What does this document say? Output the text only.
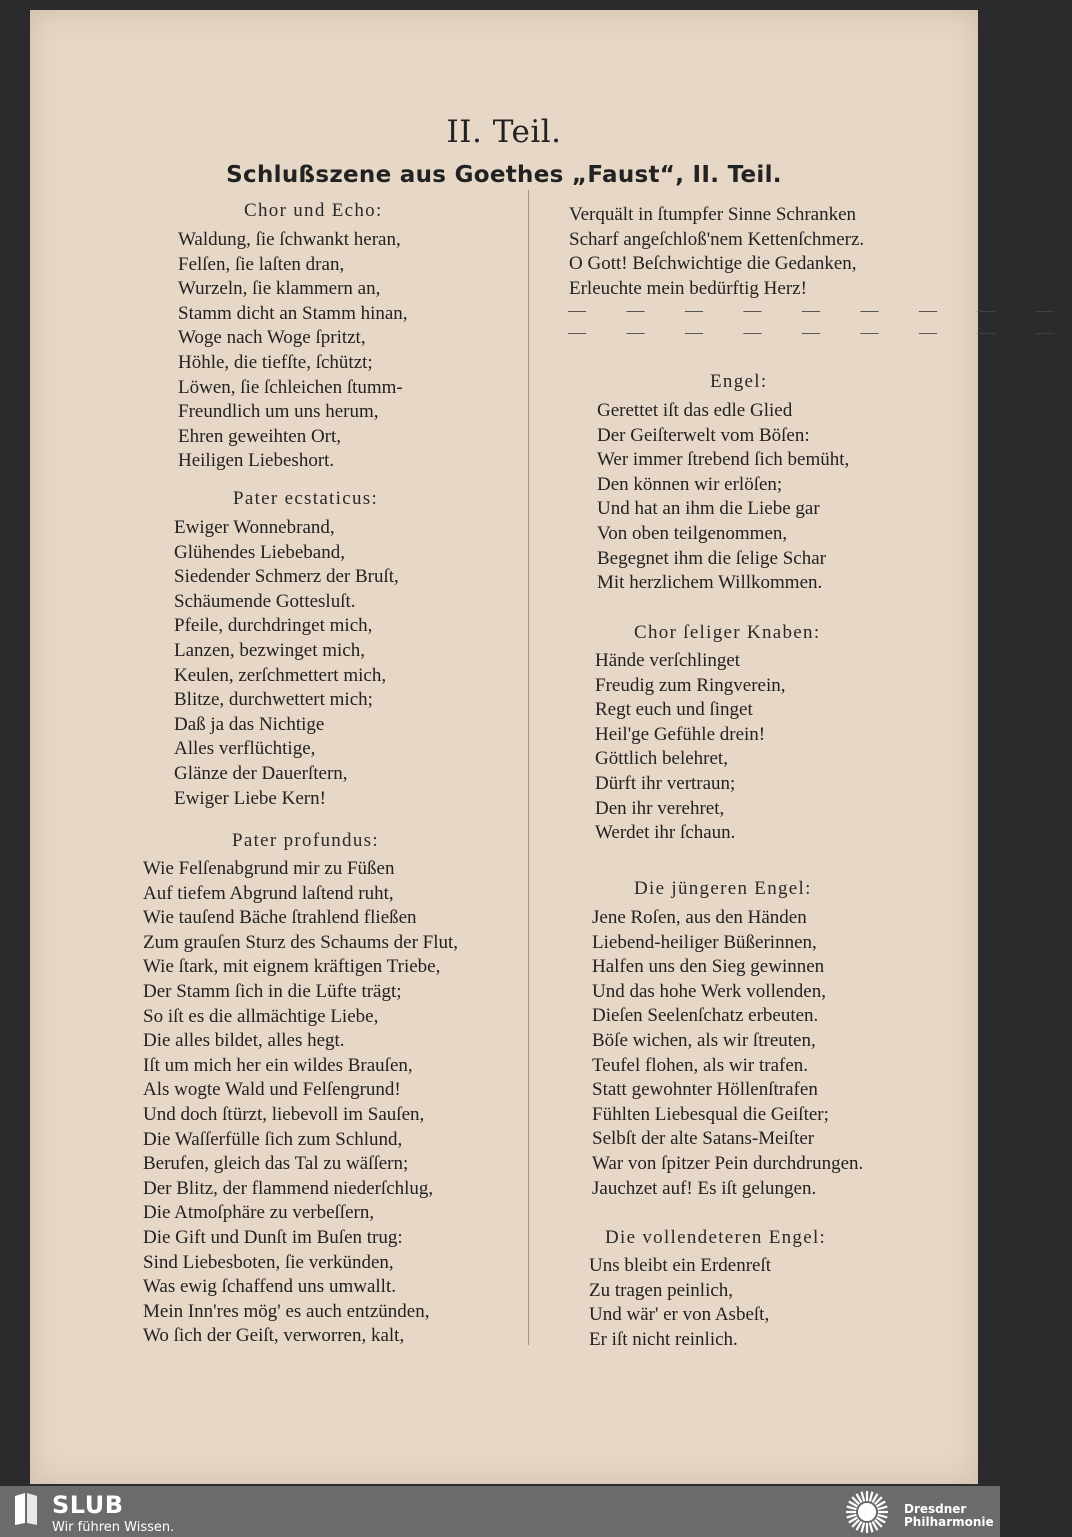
II. Teil.
Schlußszene aus Goethes „Faust“, II. Teil.
Chor und Echo:
Waldung, ſie ſchwankt heran,
Felſen, ſie laſten dran,
Wurzeln, ſie klammern an,
Stamm dicht an Stamm hinan,
Woge nach Woge ſpritzt,
Höhle, die tiefſte, ſchützt;
Löwen, ſie ſchleichen ſtumm-
Freundlich um uns herum,
Ehren geweihten Ort,
Heiligen Liebeshort.
Pater ecstaticus:
Ewiger Wonnebrand,
Glühendes Liebeband,
Siedender Schmerz der Bruſt,
Schäumende Gottesluſt.
Pfeile, durchdringet mich,
Lanzen, bezwinget mich,
Keulen, zerſchmettert mich,
Blitze, durchwettert mich;
Daß ja das Nichtige
Alles verflüchtige,
Glänze der Dauerſtern,
Ewiger Liebe Kern!
Pater profundus:
Wie Felſenabgrund mir zu Füßen
Auf tiefem Abgrund laſtend ruht,
Wie tauſend Bäche ſtrahlend fließen
Zum grauſen Sturz des Schaums der Flut,
Wie ſtark, mit eignem kräftigen Triebe,
Der Stamm ſich in die Lüfte trägt;
So iſt es die allmächtige Liebe,
Die alles bildet, alles hegt.
Iſt um mich her ein wildes Brauſen,
Als wogte Wald und Felſengrund!
Und doch ſtürzt, liebevoll im Sauſen,
Die Waſſerfülle ſich zum Schlund,
Berufen, gleich das Tal zu wäſſern;
Der Blitz, der flammend niederſchlug,
Die Atmoſphäre zu verbeſſern,
Die Gift und Dunſt im Buſen trug:
Sind Liebesboten, ſie verkünden,
Was ewig ſchaffend uns umwallt.
Mein Inn'res mög' es auch entzünden,
Wo ſich der Geiſt, verworren, kalt,
Verquält in ſtumpfer Sinne Schranken
Scharf angeſchloß'nem Kettenſchmerz.
O Gott! Beſchwichtige die Gedanken,
Erleuchte mein bedürftig Herz!
— — — — — — — — —
— — — — — — — — —
Engel:
Gerettet iſt das edle Glied
Der Geiſterwelt vom Böſen:
Wer immer ſtrebend ſich bemüht,
Den können wir erlöſen;
Und hat an ihm die Liebe gar
Von oben teilgenommen,
Begegnet ihm die ſelige Schar
Mit herzlichem Willkommen.
Chor ſeliger Knaben:
Hände verſchlinget
Freudig zum Ringverein,
Regt euch und ſinget
Heil'ge Gefühle drein!
Göttlich belehret,
Dürft ihr vertraun;
Den ihr verehret,
Werdet ihr ſchaun.
Die jüngeren Engel:
Jene Roſen, aus den Händen
Liebend-heiliger Büßerinnen,
Halfen uns den Sieg gewinnen
Und das hohe Werk vollenden,
Dieſen Seelenſchatz erbeuten.
Böſe wichen, als wir ſtreuten,
Teufel flohen, als wir trafen.
Statt gewohnter Höllenſtrafen
Fühlten Liebesqual die Geiſter;
Selbſt der alte Satans-Meiſter
War von ſpitzer Pein durchdrungen.
Jauchzet auf! Es iſt gelungen.
Die vollendeteren Engel:
Uns bleibt ein Erdenreſt
Zu tragen peinlich,
Und wär' er von Asbeſt,
Er iſt nicht reinlich.
SLUB
Wir führen Wissen.
Dresdner
Philharmonie
